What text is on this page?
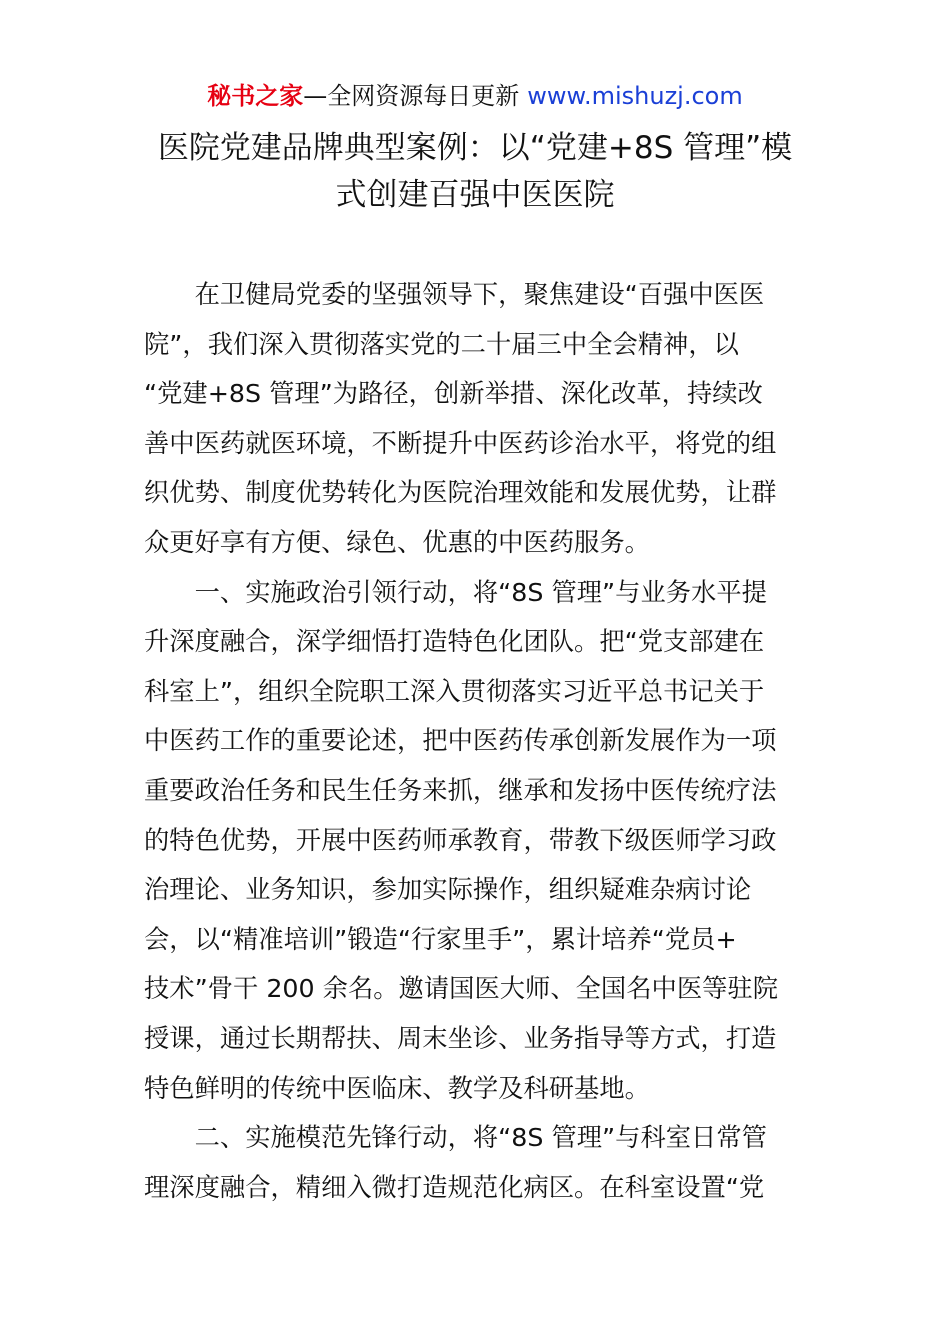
秘书之家—全网资源每日更新 www.mishuzj.com
医院党建品牌典型案例：以“党建+8S 管理”模
式创建百强中医医院
　　在卫健局党委的坚强领导下，聚焦建设“百强中医医
院”，我们深入贯彻落实党的二十届三中全会精神，以
“党建+8S 管理”为路径，创新举措、深化改革，持续改
善中医药就医环境，不断提升中医药诊治水平，将党的组
织优势、制度优势转化为医院治理效能和发展优势，让群
众更好享有方便、绿色、优惠的中医药服务。
　　一、实施政治引领行动，将“8S 管理”与业务水平提
升深度融合，深学细悟打造特色化团队。把“党支部建在
科室上”，组织全院职工深入贯彻落实习近平总书记关于
中医药工作的重要论述，把中医药传承创新发展作为一项
重要政治任务和民生任务来抓，继承和发扬中医传统疗法
的特色优势，开展中医药师承教育，带教下级医师学习政
治理论、业务知识，参加实际操作，组织疑难杂病讨论
会，以“精准培训”锻造“行家里手”，累计培养“党员+
技术”骨干 200 余名。邀请国医大师、全国名中医等驻院
授课，通过长期帮扶、周末坐诊、业务指导等方式，打造
特色鲜明的传统中医临床、教学及科研基地。
　　二、实施模范先锋行动，将“8S 管理”与科室日常管
理深度融合，精细入微打造规范化病区。在科室设置“党
